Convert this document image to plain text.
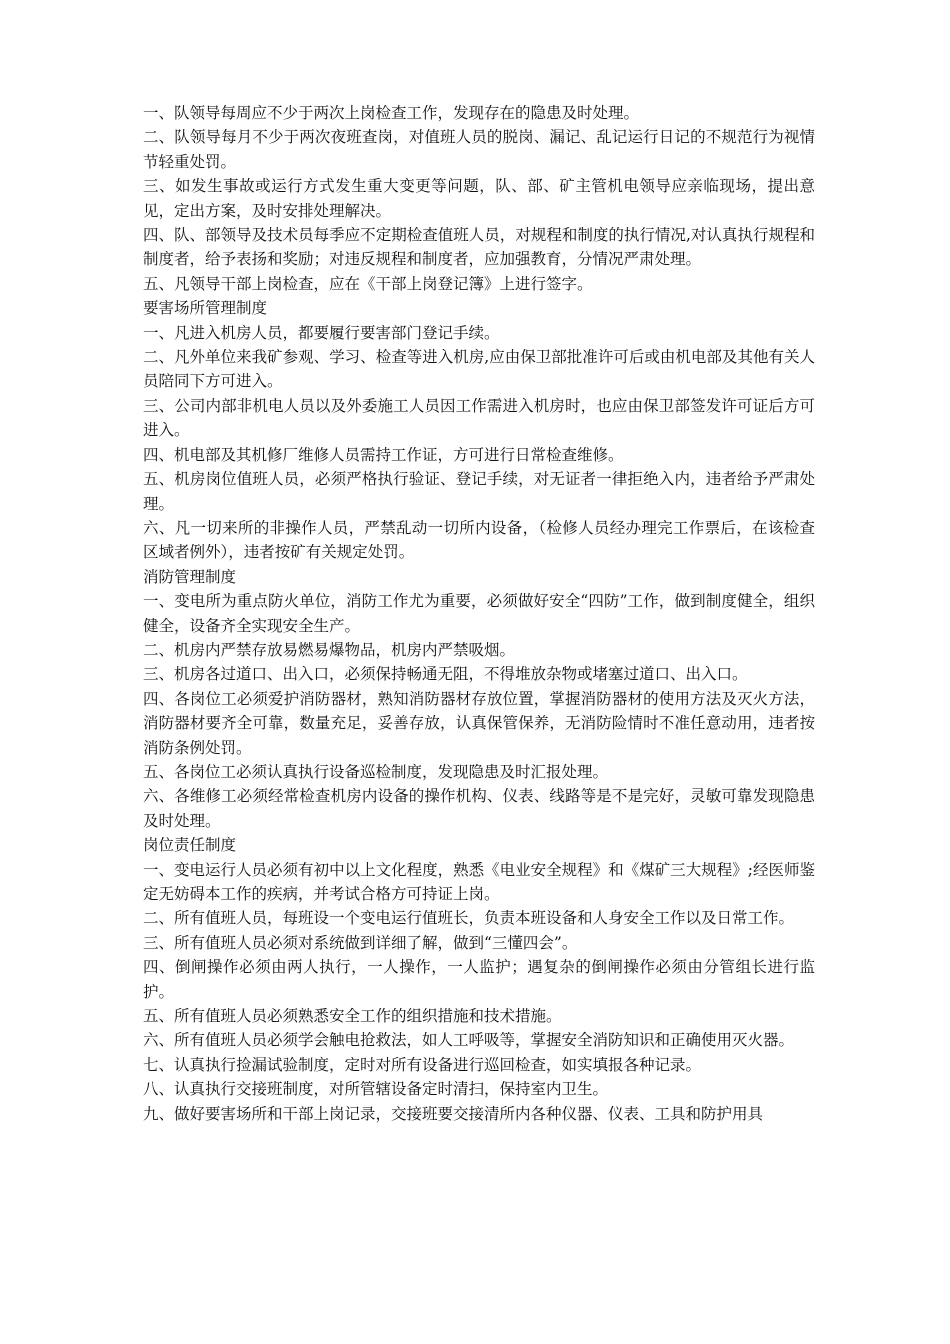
一、队领导每周应不少于两次上岗检查工作，发现存在的隐患及时处理。

二、队领导每月不少于两次夜班查岗，对值班人员的脱岗、漏记、乱记运行日记的不规范行为视情节轻重处罚。

三、如发生事故或运行方式发生重大变更等问题，队、部、矿主管机电领导应亲临现场，提出意见，定出方案，及时安排处理解决。

四、队、部领导及技术员每季应不定期检查值班人员，对规程和制度的执行情况,对认真执行规程和制度者，给予表扬和奖励；对违反规程和制度者，应加强教育，分情况严肃处理。

五、凡领导干部上岗检查，应在《干部上岗登记簿》上进行签字。

要害场所管理制度

一、凡进入机房人员，都要履行要害部门登记手续。

二、凡外单位来我矿参观、学习、检查等进入机房,应由保卫部批准许可后或由机电部及其他有关人员陪同下方可进入。

三、公司内部非机电人员以及外委施工人员因工作需进入机房时，也应由保卫部签发许可证后方可进入。

四、机电部及其机修厂维修人员需持工作证，方可进行日常检查维修。

五、机房岗位值班人员，必须严格执行验证、登记手续，对无证者一律拒绝入内，违者给予严肃处理。

六、凡一切来所的非操作人员，严禁乱动一切所内设备，（检修人员经办理完工作票后，在该检查区域者例外），违者按矿有关规定处罚。

消防管理制度

一、变电所为重点防火单位，消防工作尤为重要，必须做好安全“四防”工作，做到制度健全，组织健全，设备齐全实现安全生产。

二、机房内严禁存放易燃易爆物品，机房内严禁吸烟。

三、机房各过道口、出入口，必须保持畅通无阻，不得堆放杂物或堵塞过道口、出入口。

四、各岗位工必须爱护消防器材，熟知消防器材存放位置，掌握消防器材的使用方法及灭火方法，消防器材要齐全可靠，数量充足，妥善存放，认真保管保养，无消防险情时不准任意动用，违者按消防条例处罚。

五、各岗位工必须认真执行设备巡检制度，发现隐患及时汇报处理。

六、各维修工必须经常检查机房内设备的操作机构、仪表、线路等是不是完好，灵敏可靠发现隐患及时处理。

岗位责任制度

一、变电运行人员必须有初中以上文化程度，熟悉《电业安全规程》和《煤矿三大规程》;经医师鉴定无妨碍本工作的疾病，并考试合格方可持证上岗。

二、所有值班人员，每班设一个变电运行值班长，负责本班设备和人身安全工作以及日常工作。

三、所有值班人员必须对系统做到详细了解，做到“三懂四会”。

四、倒闸操作必须由两人执行，一人操作，一人监护；遇复杂的倒闸操作必须由分管组长进行监护。

五、所有值班人员必须熟悉安全工作的组织措施和技术措施。

六、所有值班人员必须学会触电抢救法，如人工呼吸等，掌握安全消防知识和正确使用灭火器。

七、认真执行捡漏试验制度，定时对所有设备进行巡回检查，如实填报各种记录。

八、认真执行交接班制度，对所管辖设备定时清扫，保持室内卫生。

九、做好要害场所和干部上岗记录，交接班要交接清所内各种仪器、仪表、工具和防护用具
